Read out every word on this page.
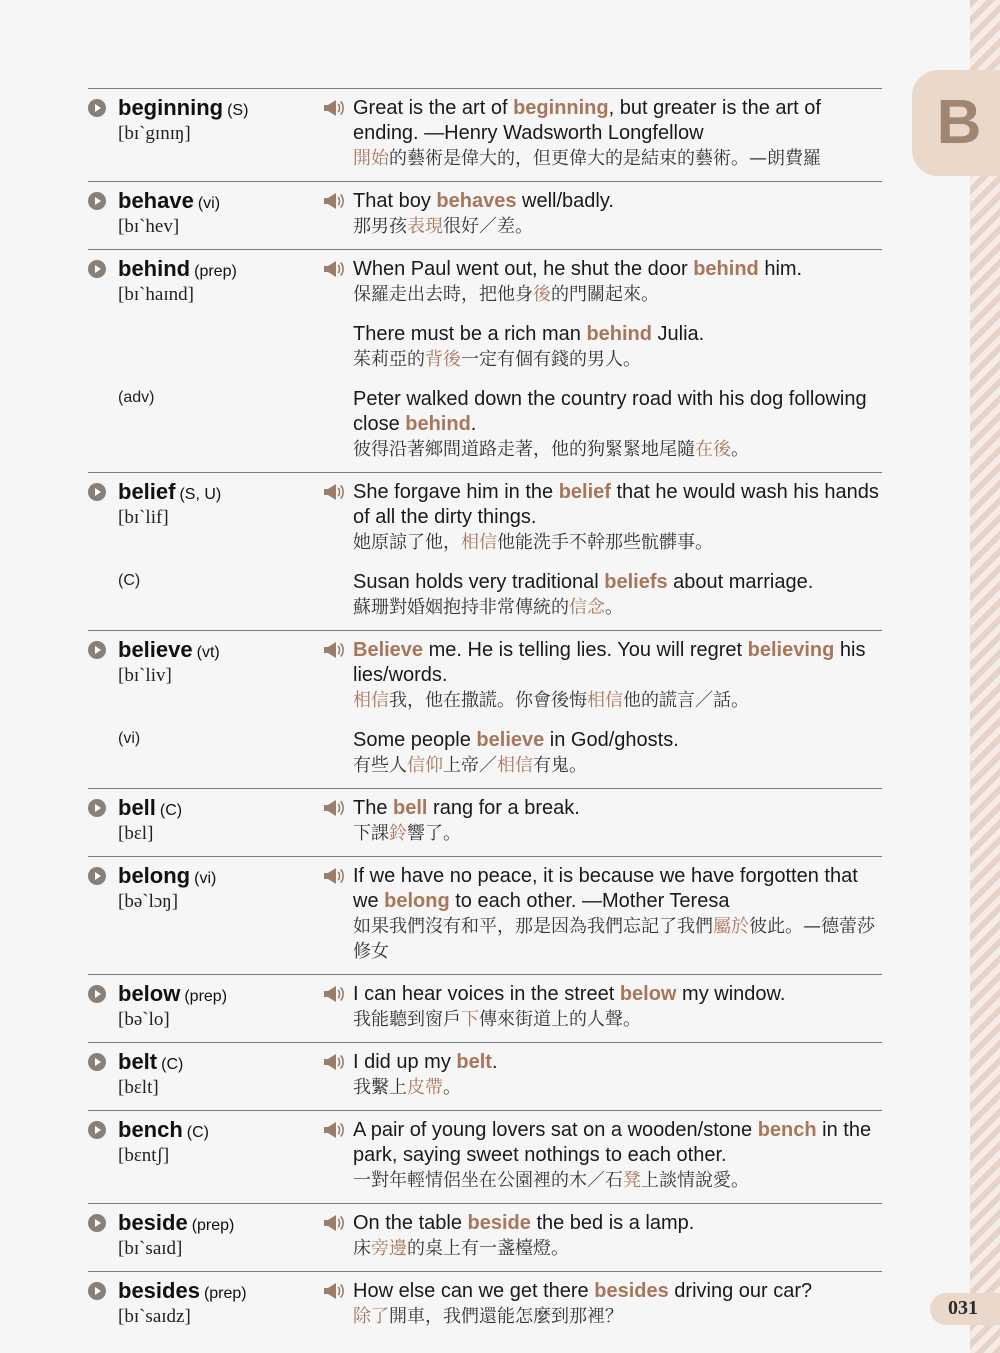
B
031
beginning (S)
[bɪ`gɪnɪŋ]
Great is the art of beginning, but greater is the art of ending. —Henry Wadsworth Longfellow
開始的藝術是偉大的，但更偉大的是結束的藝術。—朗費羅
behave (vi)
[bɪ`hev]
That boy behaves well/badly.
那男孩表現很好／差。
behind (prep)
[bɪ`haɪnd]
When Paul went out, he shut the door behind him.
保羅走出去時，把他身後的門關起來。
There must be a rich man behind Julia.
茱莉亞的背後一定有個有錢的男人。
Peter walked down the country road with his dog following close behind.
彼得沿著鄉間道路走著，他的狗緊緊地尾隨在後。
(adv)
belief (S, U)
[bɪ`lif]
She forgave him in the belief that he would wash his hands of all the dirty things.
她原諒了他，相信他能洗手不幹那些骯髒事。
Susan holds very traditional beliefs about marriage.
蘇珊對婚姻抱持非常傳統的信念。
(C)
believe (vt)
[bɪ`liv]
Believe me. He is telling lies. You will regret believing his lies/words.
相信我，他在撒謊。你會後悔相信他的謊言／話。
Some people believe in God/ghosts.
有些人信仰上帝／相信有鬼。
(vi)
bell (C)
[bɛl]
The bell rang for a break.
下課鈴響了。
belong (vi)
[bə`lɔŋ]
If we have no peace, it is because we have forgotten that we belong to each other. —Mother Teresa
如果我們沒有和平，那是因為我們忘記了我們屬於彼此。—德蕾莎修女
below (prep)
[bə`lo]
I can hear voices in the street below my window.
我能聽到窗戶下傳來街道上的人聲。
belt (C)
[bɛlt]
I did up my belt.
我繫上皮帶。
bench (C)
[bɛntʃ]
A pair of young lovers sat on a wooden/stone bench in the park, saying sweet nothings to each other.
一對年輕情侶坐在公園裡的木／石凳上談情說愛。
beside (prep)
[bɪ`saɪd]
On the table beside the bed is a lamp.
床旁邊的桌上有一盞檯燈。
besides (prep)
[bɪ`saɪdz]
How else can we get there besides driving our car?
除了開車，我們還能怎麼到那裡？
